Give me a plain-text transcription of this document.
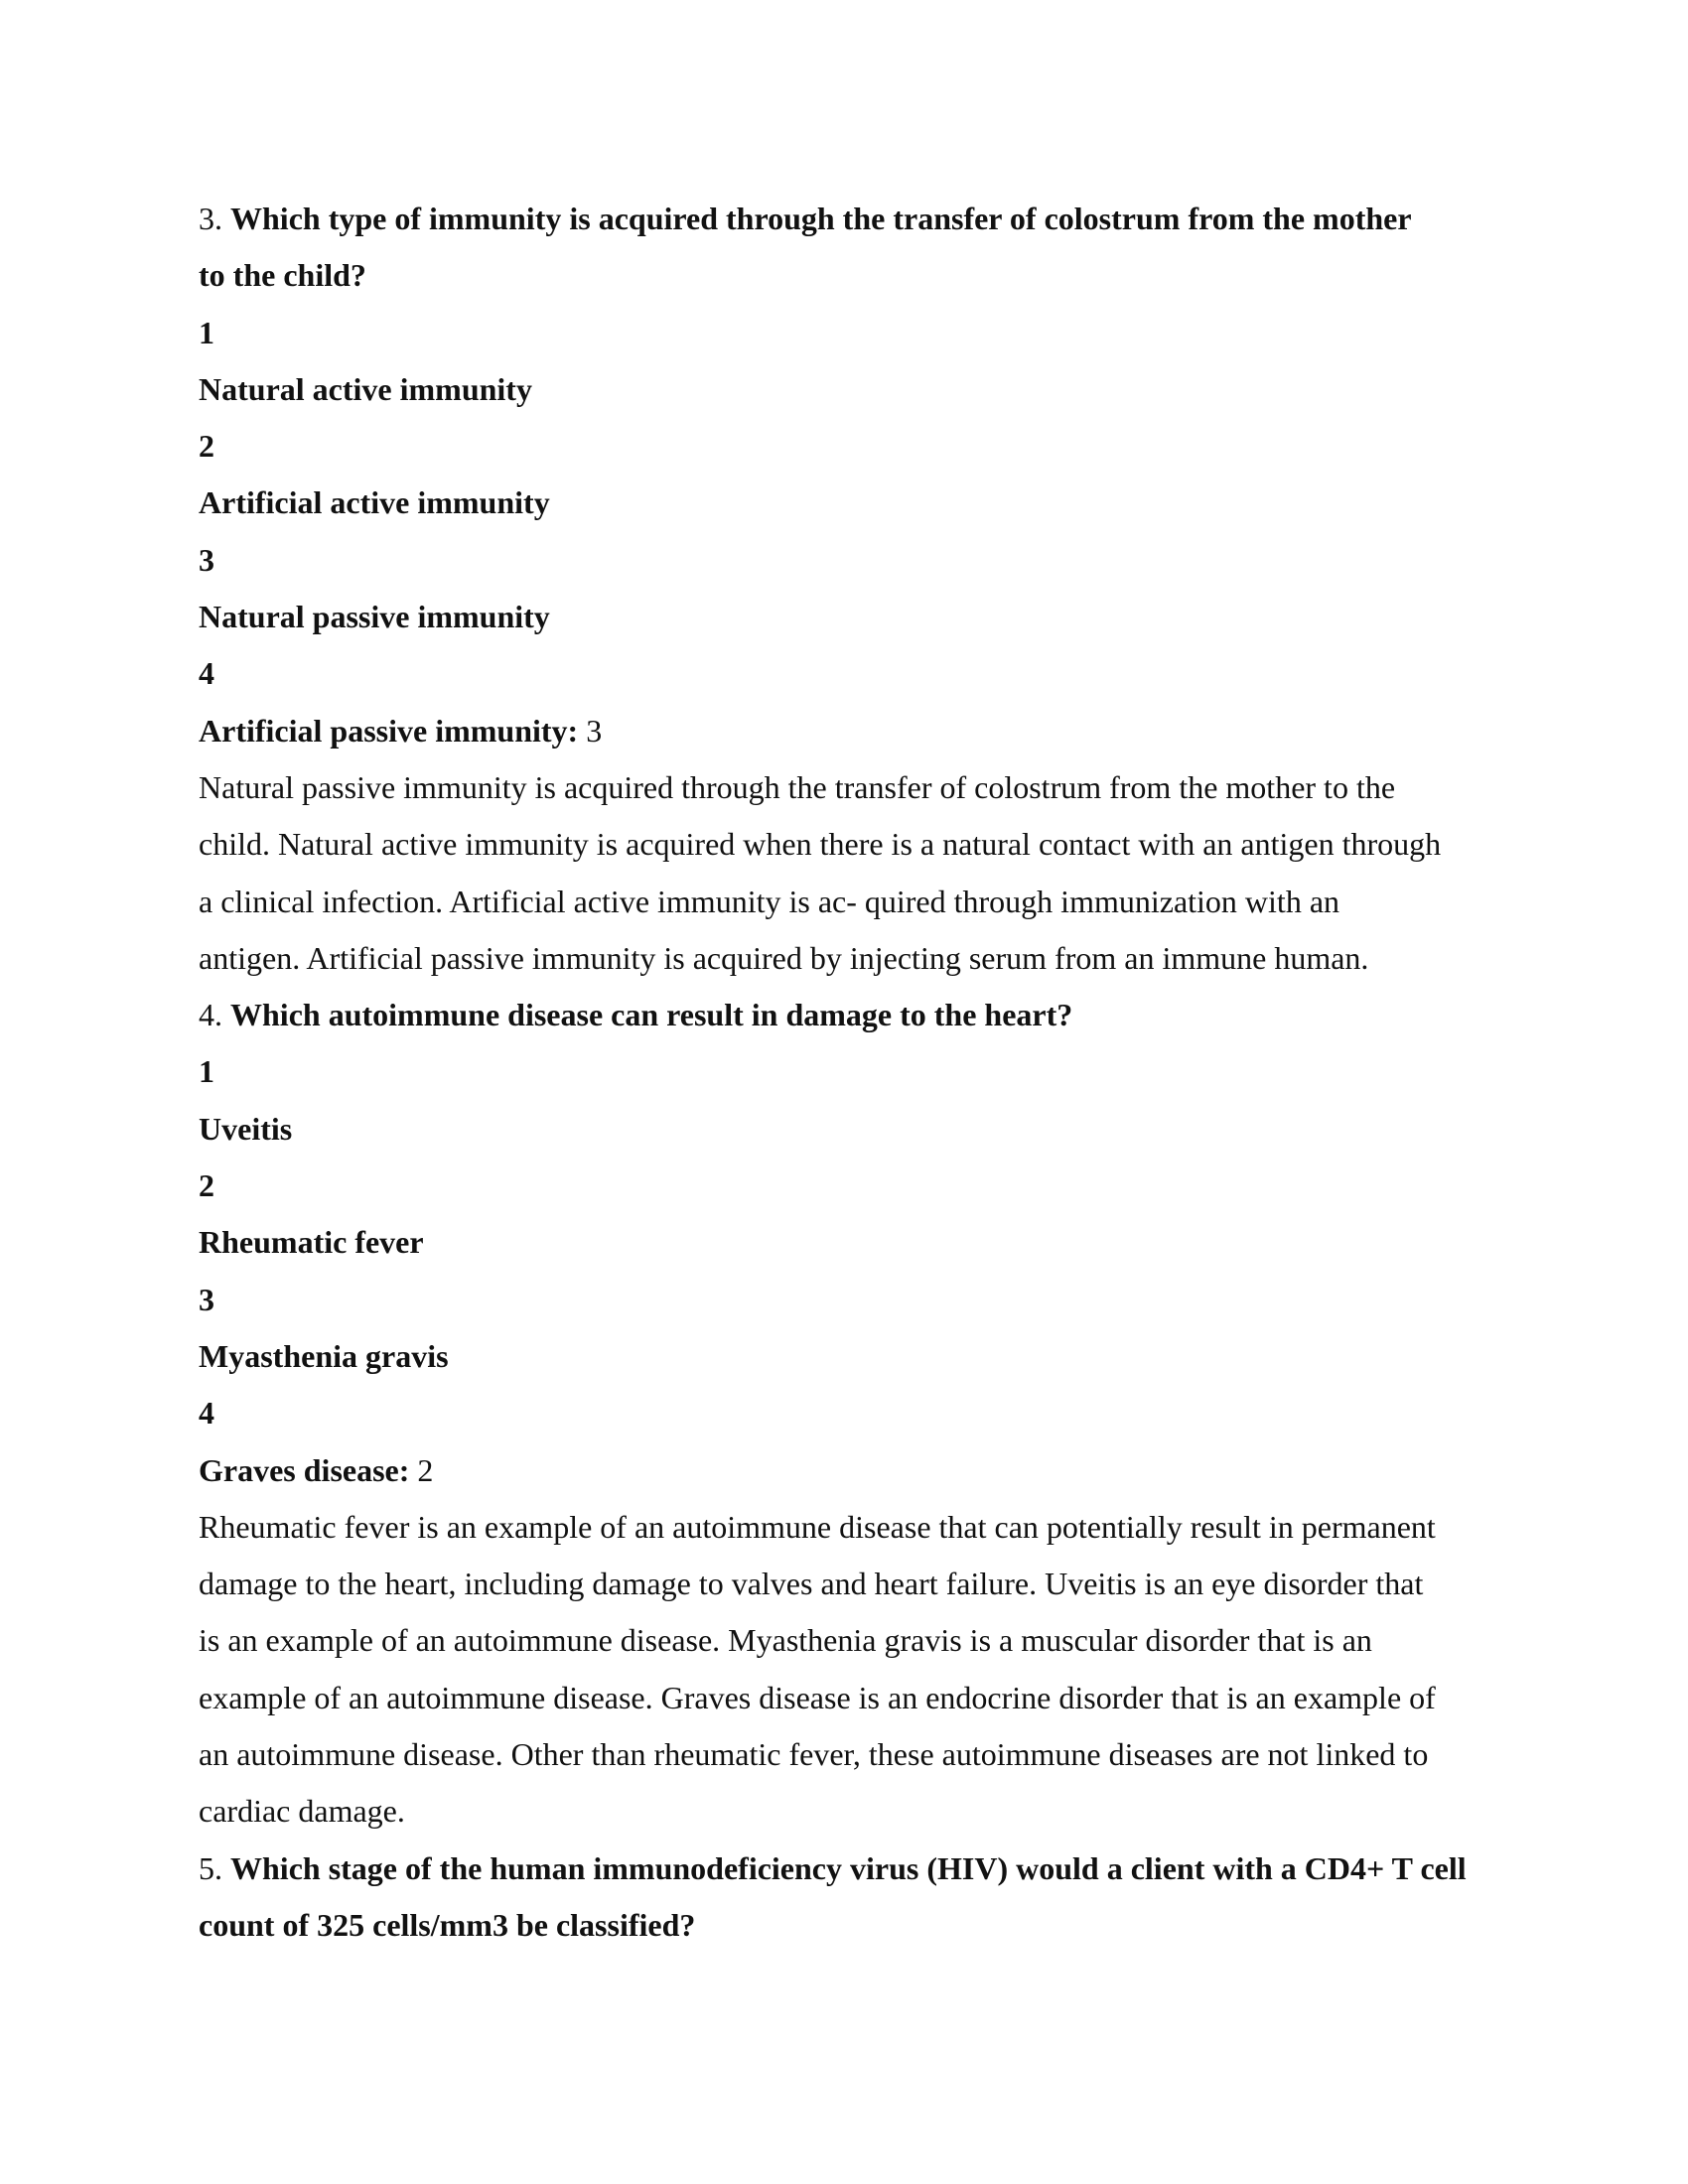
3. Which type of immunity is acquired through the transfer of colostrum from the mother
to the child?
1
Natural active immunity
2
Artificial active immunity
3
Natural passive immunity
4
Artificial passive immunity: 3
Natural passive immunity is acquired through the transfer of colostrum from the mother to the
child. Natural active immunity is acquired when there is a natural contact with an antigen through
a clinical infection. Artificial active immunity is ac- quired through immunization with an
antigen. Artificial passive immunity is acquired by injecting serum from an immune human.
4. Which autoimmune disease can result in damage to the heart?
1
Uveitis
2
Rheumatic fever
3
Myasthenia gravis
4
Graves disease: 2
Rheumatic fever is an example of an autoimmune disease that can potentially result in permanent
damage to the heart, including damage to valves and heart failure. Uveitis is an eye disorder that
is an example of an autoimmune disease. Myasthenia gravis is a muscular disorder that is an
example of an autoimmune disease. Graves disease is an endocrine disorder that is an example of
an autoimmune disease. Other than rheumatic fever, these autoimmune diseases are not linked to
cardiac damage.
5. Which stage of the human immunodeficiency virus (HIV) would a client with a CD4+ T cell
count of 325 cells/mm3 be classified?
